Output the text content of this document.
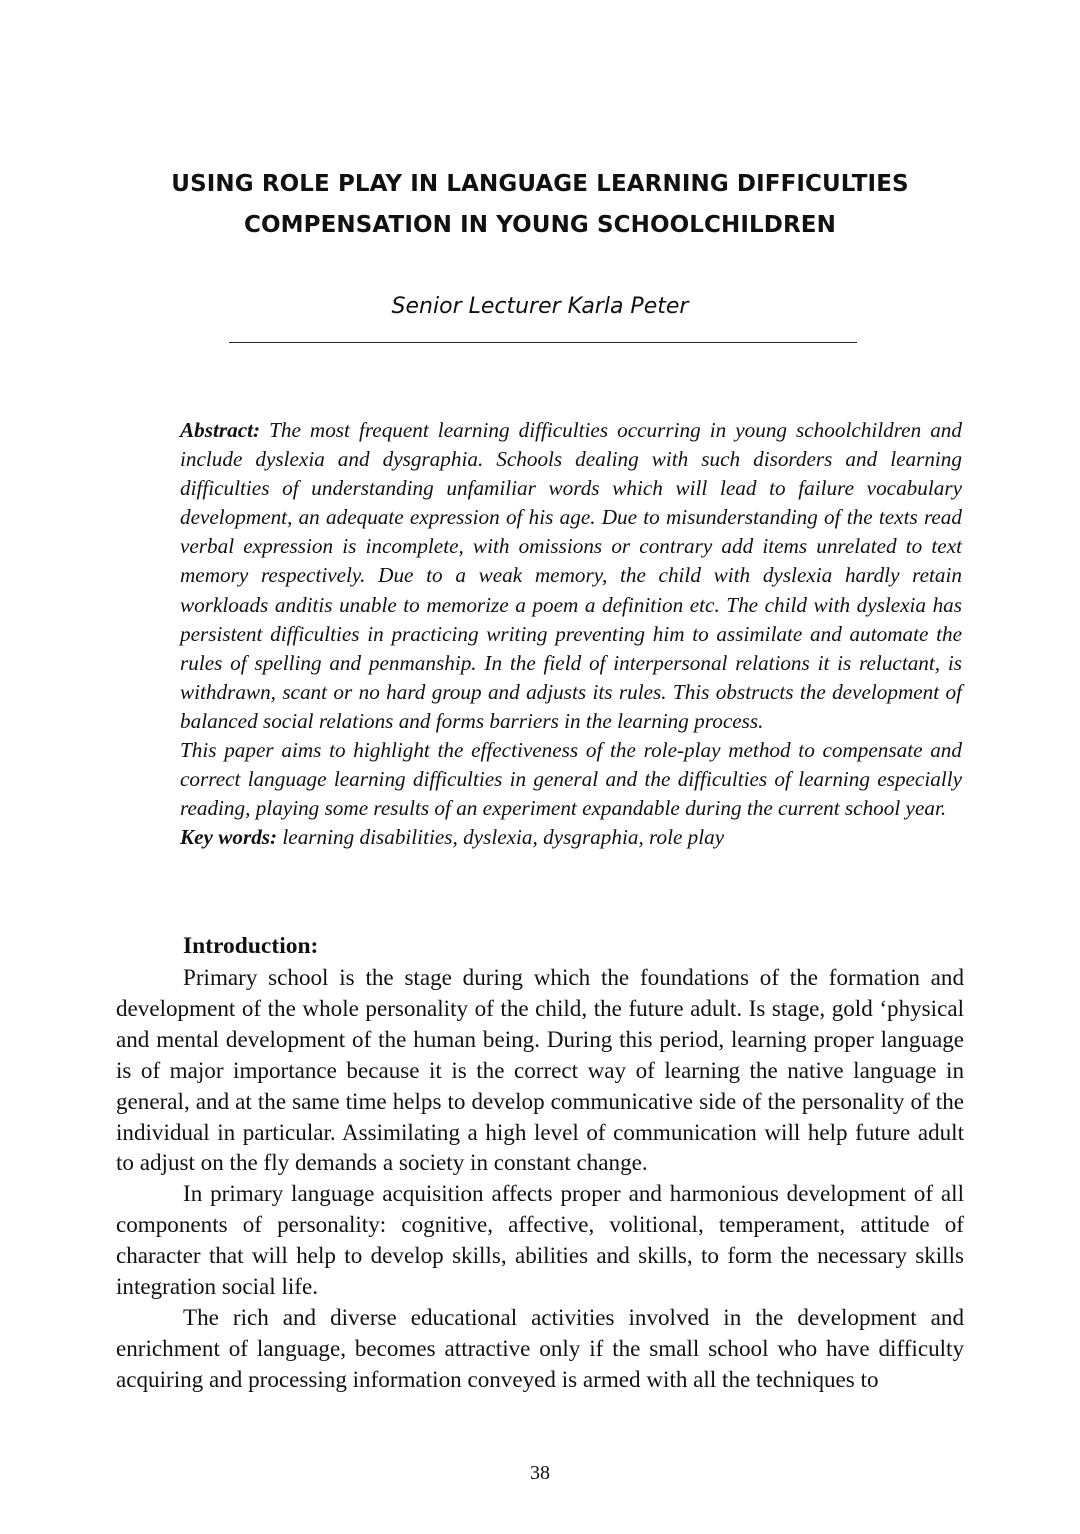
USING ROLE PLAY IN LANGUAGE LEARNING DIFFICULTIES
COMPENSATION IN YOUNG SCHOOLCHILDREN

Senior Lecturer Karla Peter

Abstract: The most frequent learning difficulties occurring in young schoolchildren and include dyslexia and dysgraphia. Schools dealing with such disorders and learning difficulties of understanding unfamiliar words which will lead to failure vocabulary development, an adequate expression of his age. Due to misunderstanding of the texts read verbal expression is incomplete, with omissions or contrary add items unrelated to text memory respectively. Due to a weak memory, the child with dyslexia hardly retain workloads anditis unable to memorize a poem a definition etc. The child with dyslexia has persistent difficulties in practicing writing preventing him to assimilate and automate the rules of spelling and penmanship. In the field of interpersonal relations it is reluctant, is withdrawn, scant or no hard group and adjusts its rules. This obstructs the development of balanced social relations and forms barriers in the learning process.

This paper aims to highlight the effectiveness of the role-play method to compensate and correct language learning difficulties in general and the difficulties of learning especially reading, playing some results of an experiment expandable during the current school year.

Key words: learning disabilities, dyslexia, dysgraphia, role play

Introduction:

Primary school is the stage during which the foundations of the formation and development of the whole personality of the child, the future adult. Is stage, gold ‘physical and mental development of the human being. During this period, learning proper language is of major importance because it is the correct way of learning the native language in general, and at the same time helps to develop communicative side of the personality of the individual in particular. Assimilating a high level of communication will help future adult to adjust on the fly demands a society in constant change.

In primary language acquisition affects proper and harmonious development of all components of personality: cognitive, affective, volitional, temperament, attitude of character that will help to develop skills, abilities and skills, to form the necessary skills integration social life.

The rich and diverse educational activities involved in the development and enrichment of language, becomes attractive only if the small school who have difficulty acquiring and processing information conveyed is armed with all the techniques to

38
